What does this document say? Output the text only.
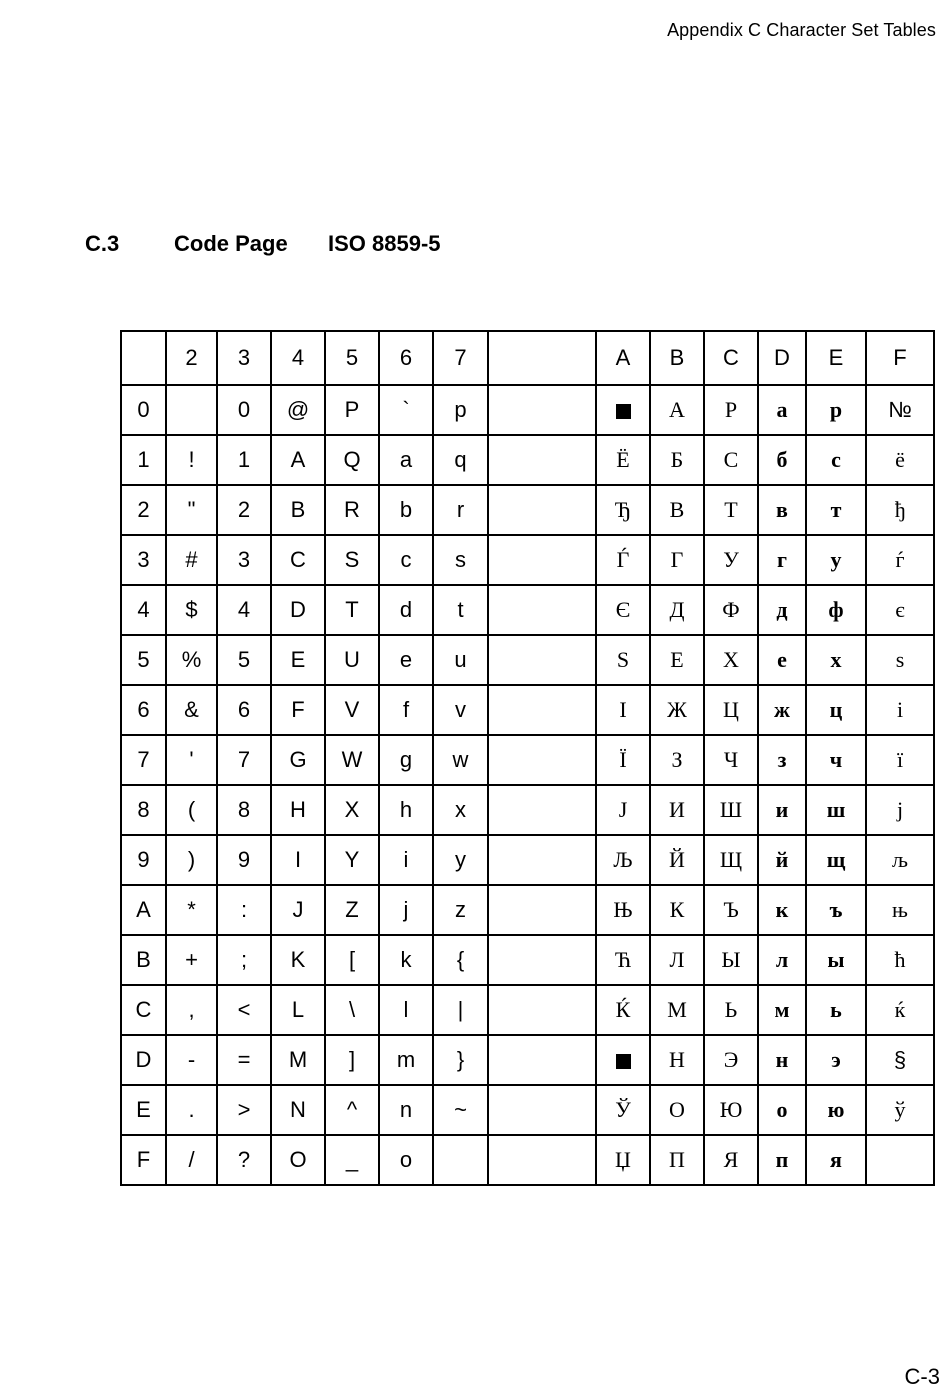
Appendix C Character Set Tables
C.3 Code Page ISO 8859-5
	2	3	4	5	6	7		A	B	C	D	E	F
0		0	@	P	`	p			А	Р	а	р	№
1	!	1	A	Q	a	q		Ё	Б	С	б	с	ё
2	"	2	B	R	b	r		Ђ	В	Т	в	т	ђ
3	#	3	C	S	c	s		Ѓ	Г	У	г	у	ѓ
4	$	4	D	T	d	t		Є	Д	Ф	д	ф	є
5	%	5	E	U	e	u		Ѕ	Е	Х	е	х	ѕ
6	&	6	F	V	f	v		І	Ж	Ц	ж	ц	і
7	'	7	G	W	g	w		Ї	З	Ч	з	ч	ї
8	(	8	H	X	h	x		Ј	И	Ш	и	ш	ј
9	)	9	I	Y	i	y		Љ	Й	Щ	й	щ	љ
A	*	:	J	Z	j	z		Њ	К	Ъ	к	ъ	њ
B	+	;	K	[	k	{		Ћ	Л	Ы	л	ы	ћ
C	,	<	L	\	l	|		Ќ	М	Ь	м	ь	ќ
D	-	=	M	]	m	}			Н	Э	н	э	§
E	.	>	N	^	n	~		Ў	О	Ю	о	ю	ў
F	/	?	O	_	o			Џ	П	Я	п	я	
C-3
